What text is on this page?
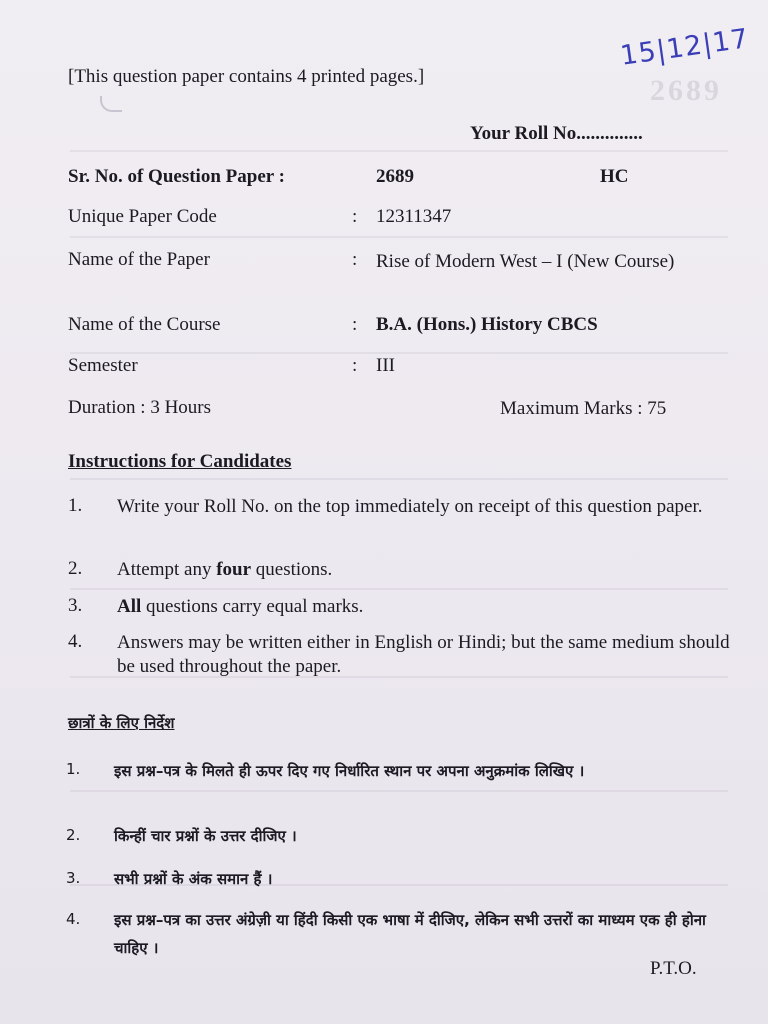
2689
[This question paper contains 4 printed pages.]
15|12|17
Your Roll No..............
Sr. No. of Question Paper :	2689	HC
Unique Paper Code	: 12311347
Name of the Paper	: Rise of Modern West – I (New Course)
Name of the Course	: B.A. (Hons.) History CBCS
Semester	: III
Duration : 3 Hours	Maximum Marks : 75
Instructions for Candidates
1. Write your Roll No. on the top immediately on receipt of this question paper.
2. Attempt any four questions.
3. All questions carry equal marks.
4. Answers may be written either in English or Hindi; but the same medium should be used throughout the paper.
छात्रों के लिए निर्देश
1. इस प्रश्न–पत्र के मिलते ही ऊपर दिए गए निर्धारित स्थान पर अपना अनुक्रमांक लिखिए ।
2. किन्हीं चार प्रश्नों के उत्तर दीजिए ।
3. सभी प्रश्नों के अंक समान हैं ।
4. इस प्रश्न–पत्र का उत्तर अंग्रेज़ी या हिंदी किसी एक भाषा में दीजिए, लेकिन सभी उत्तरों का माध्यम एक ही होना चाहिए ।
P.T.O.
